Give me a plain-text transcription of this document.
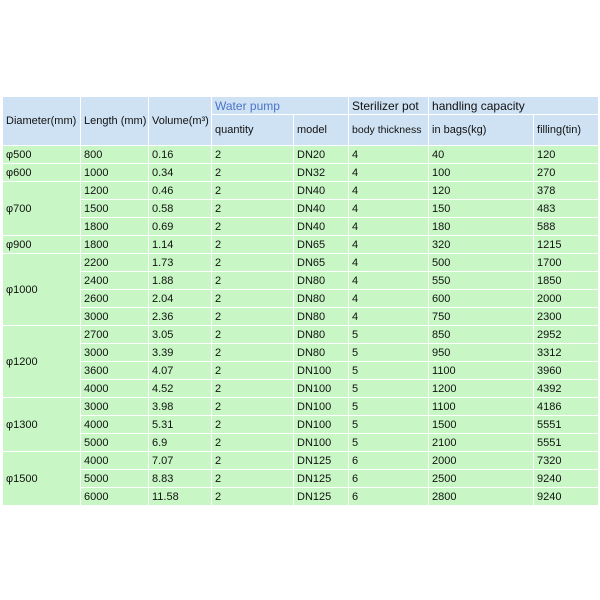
Diameter(mm)	Length (mm)	Volume(m³)	Water pump		Sterilizer pot	handling capacity	
			quantity	model	body thickness	in bags(kg)	filling(tin)
φ500	800	0.16	2	DN20	4	40	120
φ600	1000	0.34	2	DN32	4	100	270
φ700	1200	0.46	2	DN40	4	120	378
	1500	0.58	2	DN40	4	150	483
	1800	0.69	2	DN40	4	180	588
φ900	1800	1.14	2	DN65	4	320	1215
φ1000	2200	1.73	2	DN65	4	500	1700
	2400	1.88	2	DN80	4	550	1850
	2600	2.04	2	DN80	4	600	2000
	3000	2.36	2	DN80	4	750	2300
φ1200	2700	3.05	2	DN80	5	850	2952
	3000	3.39	2	DN80	5	950	3312
	3600	4.07	2	DN100	5	1100	3960
	4000	4.52	2	DN100	5	1200	4392
φ1300	3000	3.98	2	DN100	5	1100	4186
	4000	5.31	2	DN100	5	1500	5551
	5000	6.9	2	DN100	5	2100	5551
φ1500	4000	7.07	2	DN125	6	2000	7320
	5000	8.83	2	DN125	6	2500	9240
	6000	11.58	2	DN125	6	2800	9240
